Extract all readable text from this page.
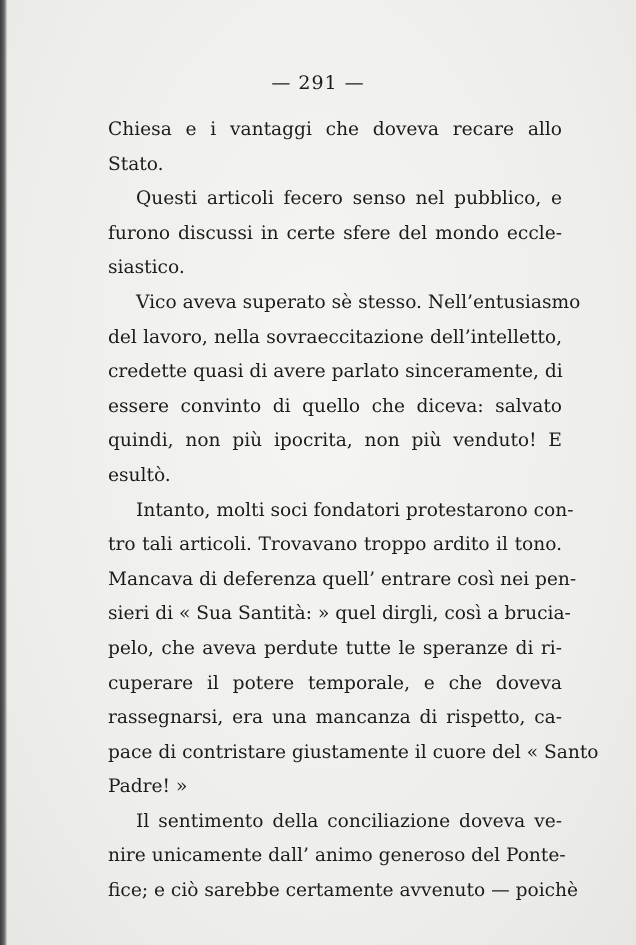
— 291 —
Chiesa e i vantaggi che doveva recare allo
Stato.
Questi articoli fecero senso nel pubblico, e
furono discussi in certe sfere del mondo eccle-
siastico.
Vico aveva superato sè stesso. Nell’entusiasmo
del lavoro, nella sovraeccitazione dell’intelletto,
credette quasi di avere parlato sinceramente, di
essere convinto di quello che diceva: salvato
quindi, non più ipocrita, non più venduto! E
esultò.
Intanto, molti soci fondatori protestarono con-
tro tali articoli. Trovavano troppo ardito il tono.
Mancava di deferenza quell’ entrare così nei pen-
sieri di « Sua Santità: » quel dirgli, così a brucia-
pelo, che aveva perdute tutte le speranze di ri-
cuperare il potere temporale, e che doveva
rassegnarsi, era una mancanza di rispetto, ca-
pace di contristare giustamente il cuore del « Santo
Padre! »
Il sentimento della conciliazione doveva ve-
nire unicamente dall’ animo generoso del Ponte-
fice; e ciò sarebbe certamente avvenuto — poichè
